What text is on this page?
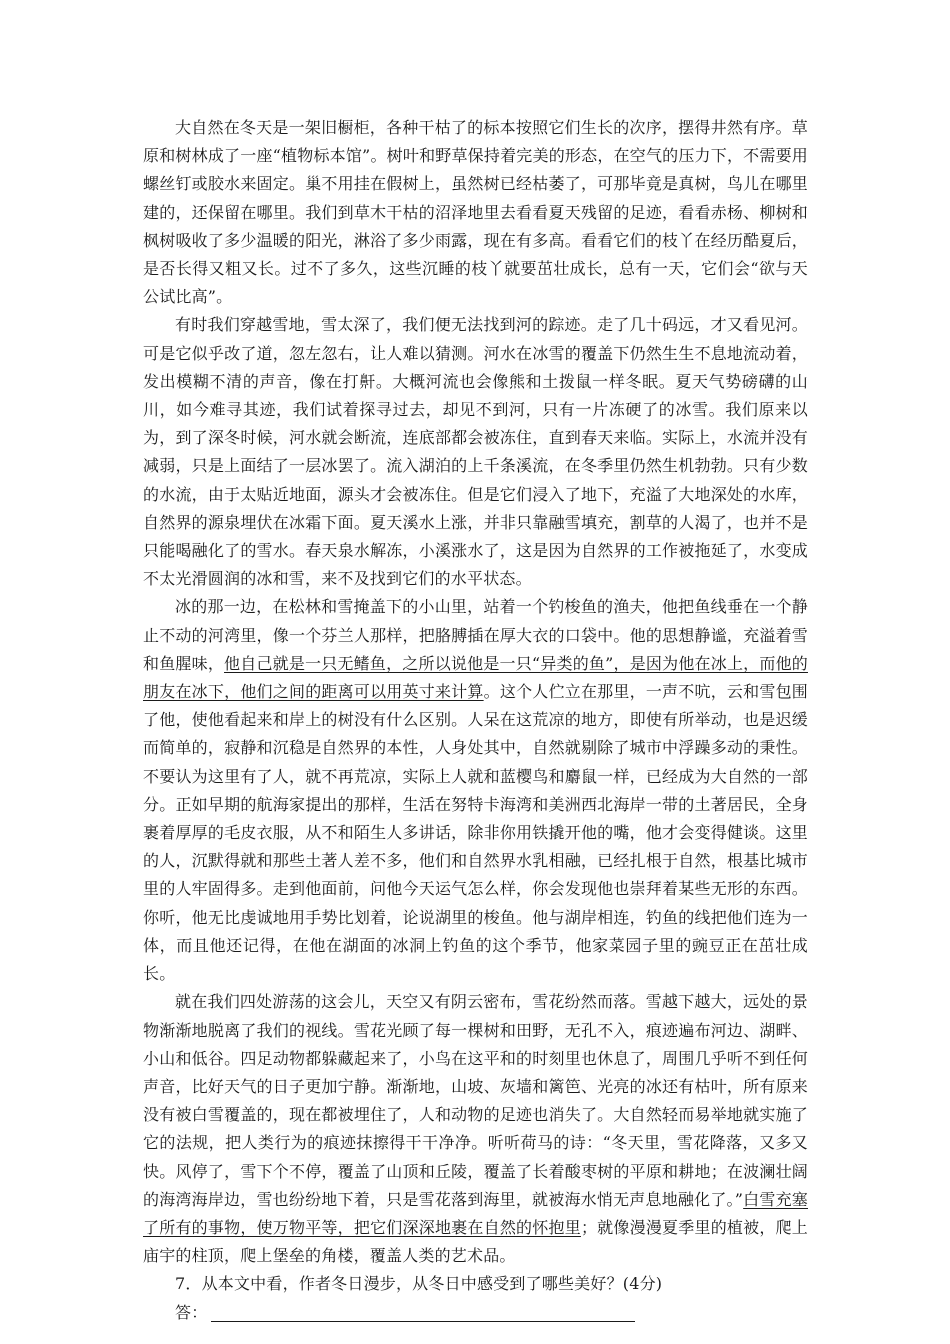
大自然在冬天是一架旧橱柜，各种干枯了的标本按照它们生长的次序，摆得井然有序。草原和树林成了一座“植物标本馆”。树叶和野草保持着完美的形态，在空气的压力下，不需要用螺丝钉或胶水来固定。巢不用挂在假树上，虽然树已经枯萎了，可那毕竟是真树，鸟儿在哪里建的，还保留在哪里。我们到草木干枯的沼泽地里去看看夏天残留的足迹，看看赤杨、柳树和枫树吸收了多少温暖的阳光，淋浴了多少雨露，现在有多高。看看它们的枝丫在经历酷夏后，是否长得又粗又长。过不了多久，这些沉睡的枝丫就要茁壮成长，总有一天，它们会“欲与天公试比高”。

有时我们穿越雪地，雪太深了，我们便无法找到河的踪迹。走了几十码远，才又看见河。可是它似乎改了道，忽左忽右，让人难以猜测。河水在冰雪的覆盖下仍然生生不息地流动着，发出模糊不清的声音，像在打鼾。大概河流也会像熊和土拨鼠一样冬眠。夏天气势磅礴的山川，如今难寻其迹，我们试着探寻过去，却见不到河，只有一片冻硬了的冰雪。我们原来以为，到了深冬时候，河水就会断流，连底部都会被冻住，直到春天来临。实际上，水流并没有减弱，只是上面结了一层冰罢了。流入湖泊的上千条溪流，在冬季里仍然生机勃勃。只有少数的水流，由于太贴近地面，源头才会被冻住。但是它们浸入了地下，充溢了大地深处的水库，自然界的源泉埋伏在冰霜下面。夏天溪水上涨，并非只靠融雪填充，割草的人渴了，也并不是只能喝融化了的雪水。春天泉水解冻，小溪涨水了，这是因为自然界的工作被拖延了，水变成不太光滑圆润的冰和雪，来不及找到它们的水平状态。

冰的那一边，在松林和雪掩盖下的小山里，站着一个钓梭鱼的渔夫，他把鱼线垂在一个静止不动的河湾里，像一个芬兰人那样，把胳膊插在厚大衣的口袋中。他的思想静谧，充溢着雪和鱼腥味，他自己就是一只无鳍鱼，之所以说他是一只“异类的鱼”，是因为他在冰上，而他的朋友在冰下，他们之间的距离可以用英寸来计算。这个人伫立在那里，一声不吭，云和雪包围了他，使他看起来和岸上的树没有什么区别。人呆在这荒凉的地方，即使有所举动，也是迟缓而简单的，寂静和沉稳是自然界的本性，人身处其中，自然就剔除了城市中浮躁多动的秉性。不要认为这里有了人，就不再荒凉，实际上人就和蓝樱鸟和麝鼠一样，已经成为大自然的一部分。正如早期的航海家提出的那样，生活在努特卡海湾和美洲西北海岸一带的土著居民，全身裹着厚厚的毛皮衣服，从不和陌生人多讲话，除非你用铁撬开他的嘴，他才会变得健谈。这里的人，沉默得就和那些土著人差不多，他们和自然界水乳相融，已经扎根于自然，根基比城市里的人牢固得多。走到他面前，问他今天运气怎么样，你会发现他也崇拜着某些无形的东西。你听，他无比虔诚地用手势比划着，论说湖里的梭鱼。他与湖岸相连，钓鱼的线把他们连为一体，而且他还记得，在他在湖面的冰洞上钓鱼的这个季节，他家菜园子里的豌豆正在茁壮成长。

就在我们四处游荡的这会儿，天空又有阴云密布，雪花纷然而落。雪越下越大，远处的景物渐渐地脱离了我们的视线。雪花光顾了每一棵树和田野，无孔不入，痕迹遍布河边、湖畔、小山和低谷。四足动物都躲藏起来了，小鸟在这平和的时刻里也休息了，周围几乎听不到任何声音，比好天气的日子更加宁静。渐渐地，山坡、灰墙和篱笆、光亮的冰还有枯叶，所有原来没有被白雪覆盖的，现在都被埋住了，人和动物的足迹也消失了。大自然轻而易举地就实施了它的法规，把人类行为的痕迹抹擦得干干净净。听听荷马的诗：“冬天里，雪花降落，又多又快。风停了，雪下个不停，覆盖了山顶和丘陵，覆盖了长着酸枣树的平原和耕地；在波澜壮阔的海湾海岸边，雪也纷纷地下着，只是雪花落到海里，就被海水悄无声息地融化了。”白雪充塞了所有的事物，使万物平等，把它们深深地裹在自然的怀抱里；就像漫漫夏季里的植被，爬上庙宇的柱顶，爬上堡垒的角楼，覆盖人类的艺术品。

7．从本文中看，作者冬日漫步，从冬日中感受到了哪些美好？(4分)

答：
